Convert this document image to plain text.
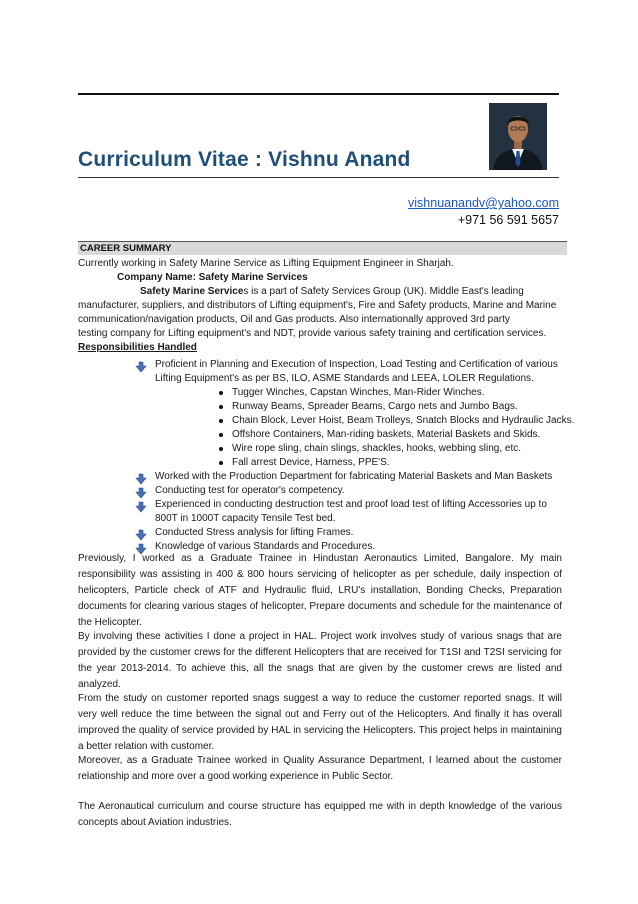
Curriculum Vitae : Vishnu Anand
vishnuanandv@yahoo.com
+971 56 591 5657
CAREER SUMMARY
Currently working in Safety Marine Service as Lifting Equipment Engineer in Sharjah.
Company Name: Safety Marine Services
Safety Marine Services is a part of Safety Services Group (UK). Middle East's leading
manufacturer, suppliers, and distributors of Lifting equipment's, Fire and Safety products, Marine and Marine
communication/navigation products, Oil and Gas products. Also internationally approved 3rd party
testing company for Lifting equipment's and NDT, provide various safety training and certification services.
Responsibilities Handled
Proficient in Planning and Execution of Inspection, Load Testing and Certification of various
Lifting Equipment's as per BS, ILO, ASME Standards and LEEA, LOLER Regulations.
Tugger Winches, Capstan Winches, Man-Rider Winches.
Runway Beams, Spreader Beams, Cargo nets and Jumbo Bags.
Chain Block, Lever Hoist, Beam Trolleys, Snatch Blocks and Hydraulic Jacks.
Offshore Containers, Man-riding baskets, Material Baskets and Skids.
Wire rope sling, chain slings, shackles, hooks, webbing sling, etc.
Fall arrest Device, Harness, PPE'S.
Worked with the Production Department for fabricating Material Baskets and Man Baskets
Conducting test for operator's competency.
Experienced in conducting destruction test and proof load test of lifting Accessories up to
800T in 1000T capacity Tensile Test bed.
Conducted Stress analysis for lifting Frames.
Knowledge of various Standards and Procedures.
Previously, I worked as a Graduate Trainee in Hindustan Aeronautics Limited, Bangalore. My main responsibility was assisting in 400 & 800 hours servicing of helicopter as per schedule, daily inspection of helicopters, Particle check of ATF and Hydraulic fluid, LRU's installation, Bonding Checks, Preparation documents for clearing various stages of helicopter, Prepare documents and schedule for the maintenance of the Helicopter.
By involving these activities I done a project in HAL. Project work involves study of various snags that are provided by the customer crews for the different Helicopters that are received for T1SI and T2SI servicing for the year 2013-2014. To achieve this, all the snags that are given by the customer crews are listed and analyzed.
From the study on customer reported snags suggest a way to reduce the customer reported snags. It will very well reduce the time between the signal out and Ferry out of the Helicopters. And finally it has overall improved the quality of service provided by HAL in servicing the Helicopters. This project helps in maintaining a better relation with customer.
Moreover, as a Graduate Trainee worked in Quality Assurance Department, I learned about the customer relationship and more over a good working experience in Public Sector.
The Aeronautical curriculum and course structure has equipped me with in depth knowledge of the various concepts about Aviation industries.
